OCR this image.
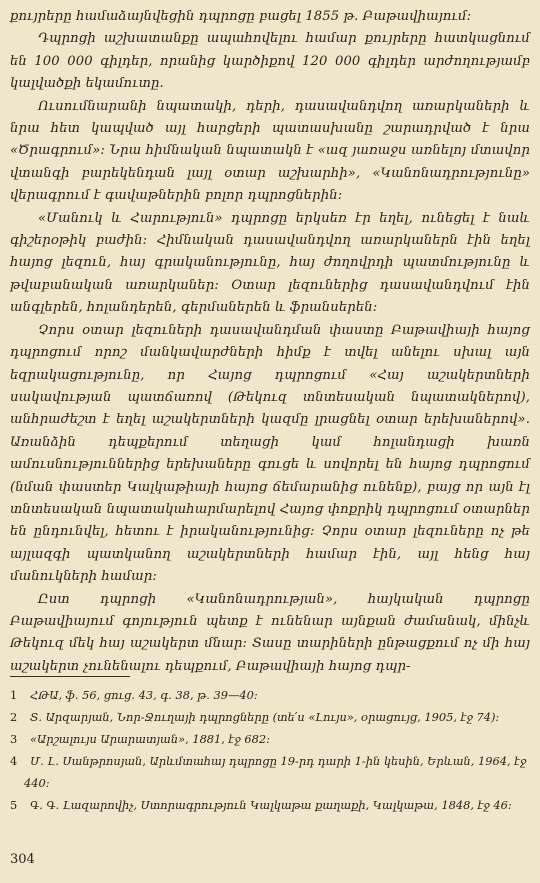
քույրերը համաձայնվեցին դպրոցը բացել 1855 թ. Բաթավիայում:

Դպրոցի աշխատանքը ապահովելու համար քույրերը հատկացնում են 100 000 գիլդեր, որանից կարծիքով 120 000 գիլդեր արժողությամբ կալվածքի եկամուտը.

Ուսումնարանի նպատակի, դերի, դասավանդվող առարկաների և նրա հետ կապված այլ հարցերի պատասխանը շարադրված է նրա «Ծրագրում»: Նրա հիմնական նպատակն է «ազ յառաջս առնելոյ մտավոր վտանգի բարեկենդան լայլ օտար աշխարհի», «Կանոնադրությունը» վերագրում է գավաթներին բոլոր դպրոցներին:

«Մանուկ և Հարություն» դպրոցը երկսեռ էր եղել, ունեցել է նաև գիշերօթիկ բաժին: Հիմնական դասավանդվող առարկաներն էին եղել հայոց լեզուն, հայ գրականությունը, հայ ժողովրդի պատմությունը և թվաբանական առարկաներ: Օտար լեզուներից դասավանդվում էին անգլերեն, հոլանդերեն, գերմաներեն և ֆրանսերեն:

Չորս օտար լեզուների դասավանդման փաստը Բաթավիայի հայոց դպրոցում որոշ մանկավարժների հիմք է տվել անելու սխալ այն եզրակացությունը, որ Հայոց դպրոցում «Հայ աշակերտների սակավության պատճառով (Թեկուզ տնտեսական նպատակներով), անհրաժեշտ է եղել աշակերտների կազմը լրացնել օտար երեխաներով». Առանձին դեպքերում տեղացի կամ հոլանդացի խառն ամուսնություններից երեխաները գուցե և սովորել են հայոց դպրոցում (նման փաստեր Կալկաթիայի հայոց ճեմարանից ունենք), բայց որ այն էլ տնտեսական նպատակահարմարելով Հայոց փոքրիկ դպրոցում օտարներ են ընդունվել, հետու է իրականությունից: Չորս օտար լեզուները ոչ թե այլազգի պատկանող աշակերտների համար էին, այլ հենց հայ մանուկների համար:

Ըստ դպրոցի «Կանոնադրության», հայկական դպրոցը Բաթավիայում գոյություն պետք է ունենար այնքան ժամանակ, մինչև Թեկուզ մեկ հայ աշակերտ մնար: Տասը տարիների ընթացքում ոչ մի հայ աշակերտ չունենալու դեպքում, Բաթավիայի հայոց դպր-

1 ՀԹԱ, ֆ. 56, ցուց. 43, գ. 38, թ. 39—40:

2 Տ. Արզարյան, Նոր-Ջուղայի դպրոցները (տե՛ս «Լույս», օրացույց, 1905, էջ 74):

3 «Արշալույս Արարատյան», 1881, էջ 682:

4 Մ. Լ. Սանթրոսյան, Արևմտահայ դպրոցը 19-րդ դարի 1-ին կեսին, Երևան, 1964, էջ 440:

5 Գ. Գ. Լազարովիչ, Ստորագրություն Կալկաթա քաղաքի, Կալկաթա, 1848, էջ 46:

304
